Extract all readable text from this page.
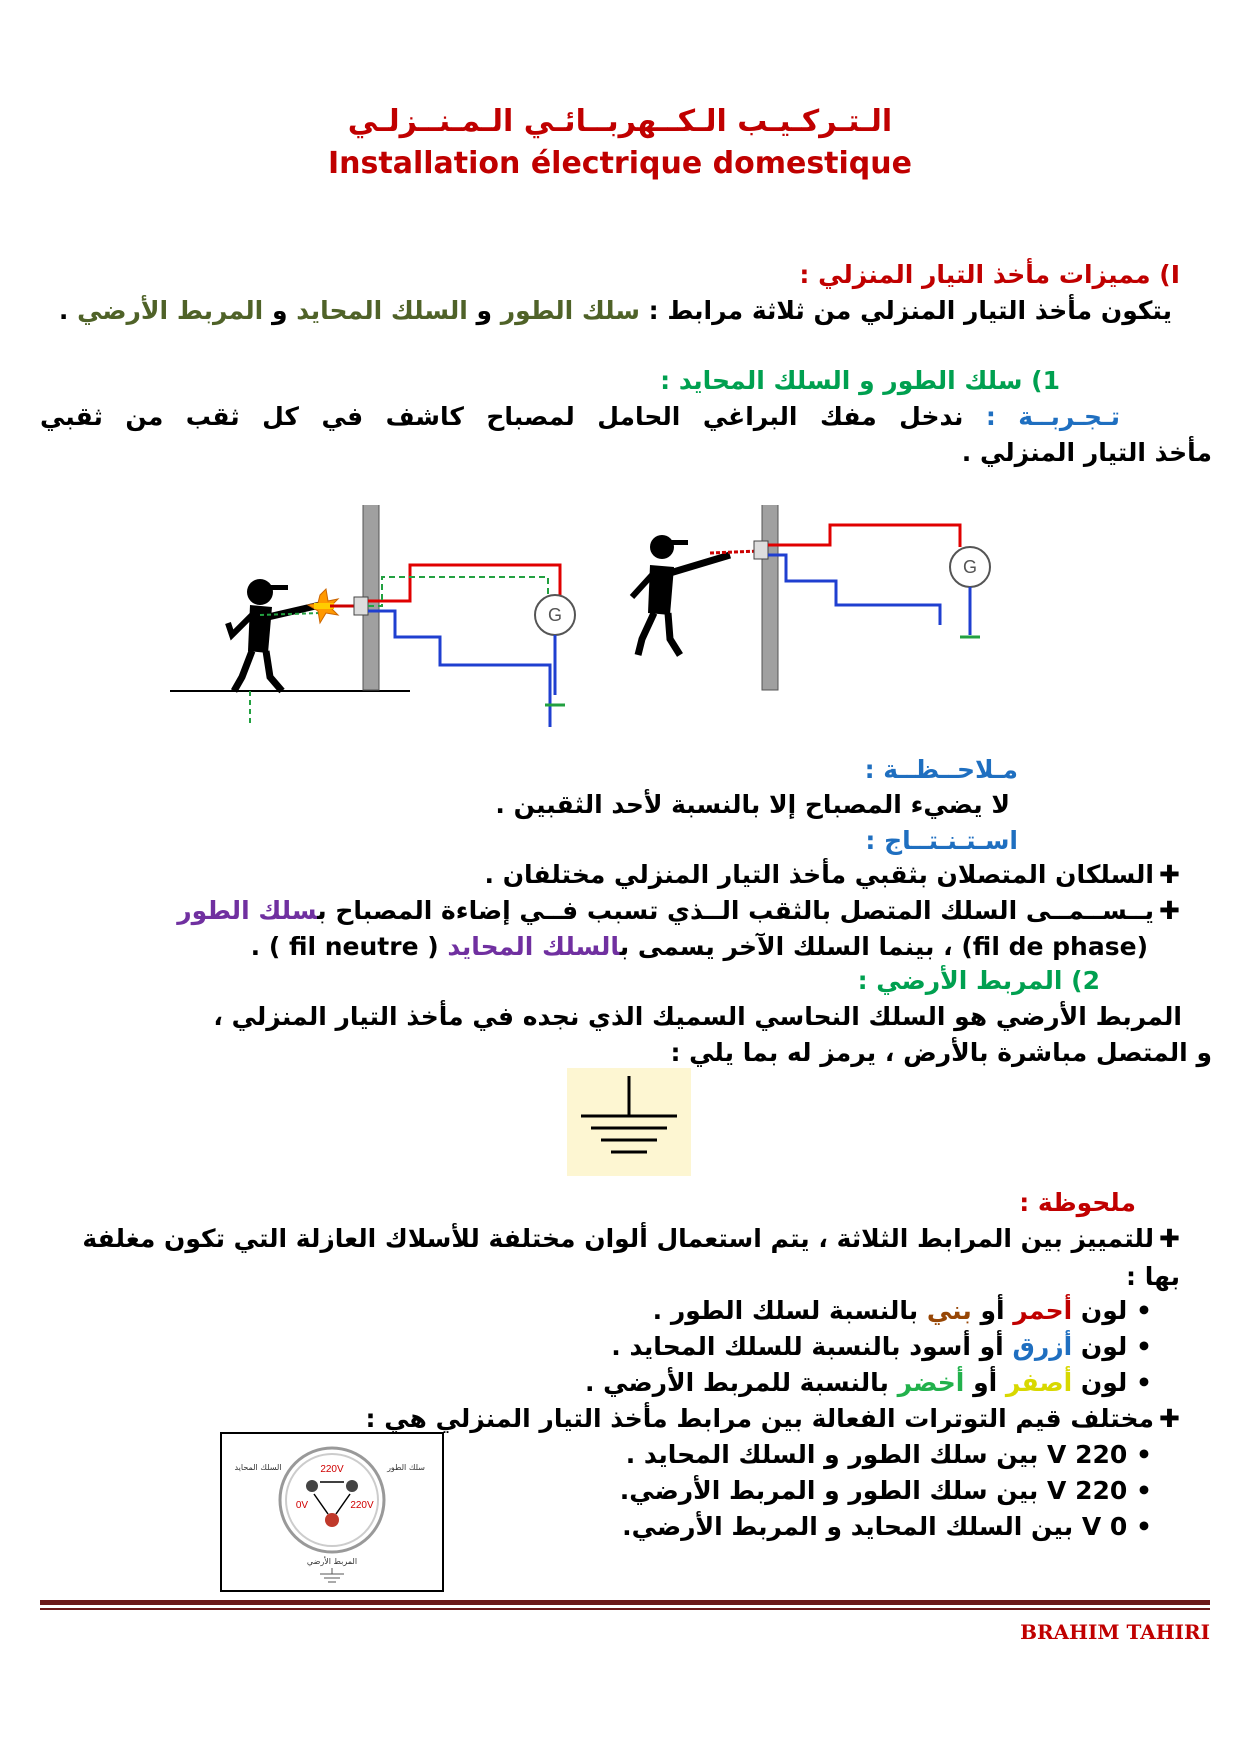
الـتـركـيـب الـكــهربــائـي الـمـنــزلـي
Installation électrique domestique
I) مميزات مأخذ التيار المنزلي :
يتكون مأخذ التيار المنزلي من ثلاثة مرابط : سلك الطور و السلك المحايد و المربط الأرضي .
1) سلك الطور و السلك المحايد :
تـجـربــة : ندخل مفك البراغي الحامل لمصباح كاشف في كل ثقب من ثقبي
مأخذ التيار المنزلي .
G
G
مـلاحــظــة :
لا يضيء المصباح إلا بالنسبة لأحد الثقبين .
اسـتـنـتــاج :
✚السلكان المتصلان بثقبي مأخذ التيار المنزلي مختلفان .
✚يــســمــى السلك المتصل بالثقب الــذي تسبب فــي إضاءة المصباح بسلك الطور
(fil de phase) ، بينما السلك الآخر يسمى بالسلك المحايد ( fil neutre ) .
2) المربط الأرضي :
المربط الأرضي هو السلك النحاسي السميك الذي نجده في مأخذ التيار المنزلي ،
و المتصل مباشرة بالأرض ، يرمز له بما يلي :
ملحوظة :
✚للتمييز بين المرابط الثلاثة ، يتم استعمال ألوان مختلفة للأسلاك العازلة التي تكون مغلفة بها :
• لون أحمر أو بني بالنسبة لسلك الطور .
• لون أزرق أو أسود بالنسبة للسلك المحايد .
• لون أصفر أو أخضر بالنسبة للمربط الأرضي .
✚مختلف قيم التوترات الفعالة بين مرابط مأخذ التيار المنزلي هي :
• 220 V بين سلك الطور و السلك المحايد .
• 220 V بين سلك الطور و المربط الأرضي.
• 0 V بين السلك المحايد و المربط الأرضي.
220V
0V	220V
السلك المحايد	سلك الطور
المربط الأرضي
BRAHIM TAHIRI
